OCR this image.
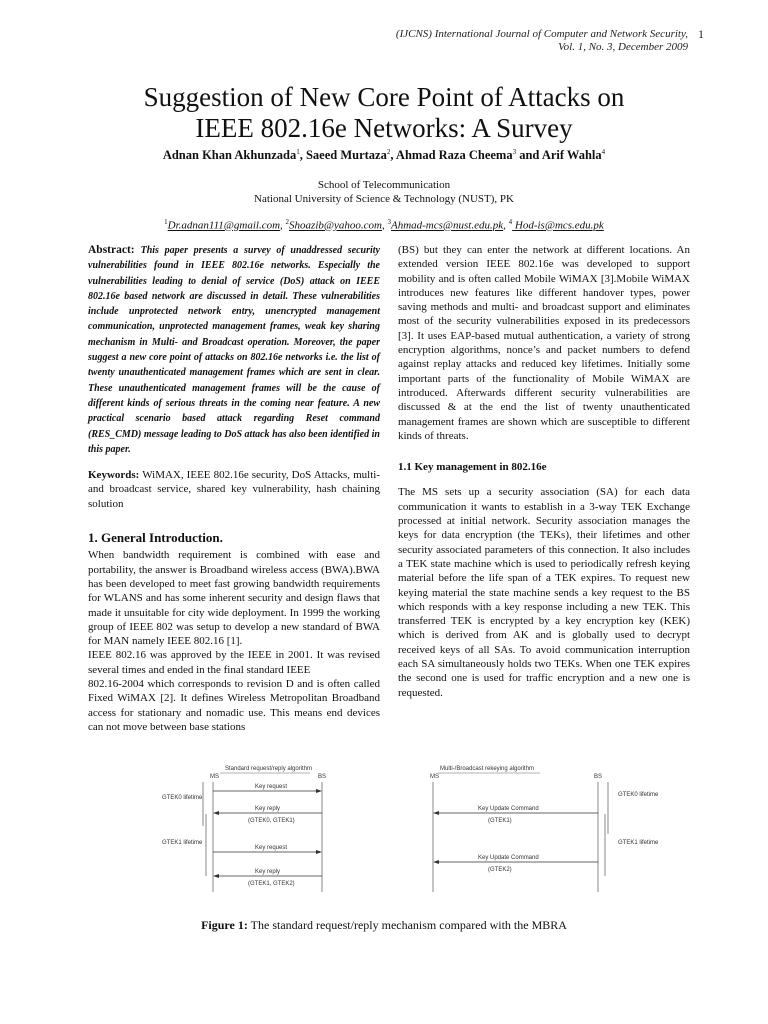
(IJCNS) International Journal of Computer and Network Security,
Vol. 1, No. 3, December 2009
1
Suggestion of New Core Point of Attacks on
IEEE 802.16e Networks: A Survey
Adnan Khan Akhunzada$^1$, Saeed Murtaza$^2$, Ahmad Raza Cheema$^3$ and Arif Wahla$^4$
School of Telecommunication
National University of Science & Technology (NUST), PK
$^1$Dr.adnan111@gmail.com, $^2$Shoazib@yahoo.com, $^3$Ahmad-mcs@nust.edu.pk, $^4$ Hod-is@mcs.edu.pk

Abstract: This paper presents a survey of unaddressed security vulnerabilities found in IEEE 802.16e networks. Especially the vulnerabilities leading to denial of service (DoS) attack on IEEE 802.16e based network are discussed in detail. These vulnerabilities include unprotected network entry, unencrypted management communication, unprotected management frames, weak key sharing mechanism in Multi- and Broadcast operation. Moreover, the paper suggest a new core point of attacks on 802.16e networks i.e. the list of twenty unauthenticated management frames which are sent in clear. These unauthenticated management frames will be the cause of different kinds of serious threats in the coming near feature. A new practical scenario based attack regarding Reset command (RES_CMD) message leading to DoS attack has also been identified in this paper.

Keywords: WiMAX, IEEE 802.16e security, DoS Attacks, multi- and broadcast service, shared key vulnerability, hash chaining solution

1. General Introduction.

When bandwidth requirement is combined with ease and portability, the answer is Broadband wireless access (BWA).BWA has been developed to meet fast growing bandwidth requirements for WLANS and has some inherent security and design flaws that made it unsuitable for city wide deployment. In 1999 the working group of IEEE 802 was setup to develop a new standard of BWA for MAN namely IEEE 802.16 [1].

IEEE 802.16 was approved by the IEEE in 2001. It was revised several times and ended in the final standard IEEE

802.16-2004 which corresponds to revision D and is often called Fixed WiMAX [2]. It defines Wireless Metropolitan Broadband access for stationary and nomadic use. This means end devices can not move between base stations

(BS) but they can enter the network at different locations. An extended version IEEE 802.16e was developed to support mobility and is often called Mobile WiMAX [3].Mobile WiMAX introduces new features like different handover types, power saving methods and multi- and broadcast support and eliminates most of the security vulnerabilities exposed in its predecessors [3]. It uses EAP-based mutual authentication, a variety of strong encryption algorithms, nonce’s and packet numbers to defend against replay attacks and reduced key lifetimes. Initially some important parts of the functionality of Mobile WiMAX are introduced. Afterwards different security vulnerabilities are discussed & at the end the list of twenty unauthenticated management frames are shown which are susceptible to different kinds of threats.

1.1 Key management in 802.16e

The MS sets up a security association (SA) for each data communication it wants to establish in a 3-way TEK Exchange processed at initial network. Security association manages the keys for data encryption (the TEKs), their lifetimes and other security associated parameters of this connection. It also includes a TEK state machine which is used to periodically refresh keying material before the life span of a TEK expires. To request new keying material the state machine sends a key request to the BS which responds with a key response including a new TEK. This transferred TEK is encrypted by a key encryption key (KEK) which is derived from AK and is globally used to decrypt received keys of all SAs. To avoid communication interruption each SA simultaneously holds two TEKs. When one TEK expires the second one is used for traffic encryption and a new one is requested.

Standard request/reply algorithm
MS	BS
GTEK0 lifetime
GTEK1 lifetime
Key request
Key reply
(GTEK0, GTEK1)
Key request
Key reply
(GTEK1, GTEK2)
Multi-/Broadcast rekeying algorithm
MS	BS
GTEK0 lifetime
GTEK1 lifetime
Key Update Command
(GTEK1)
Key Update Command
(GTEK2)
Figure 1: The standard request/reply mechanism compared with the MBRA
